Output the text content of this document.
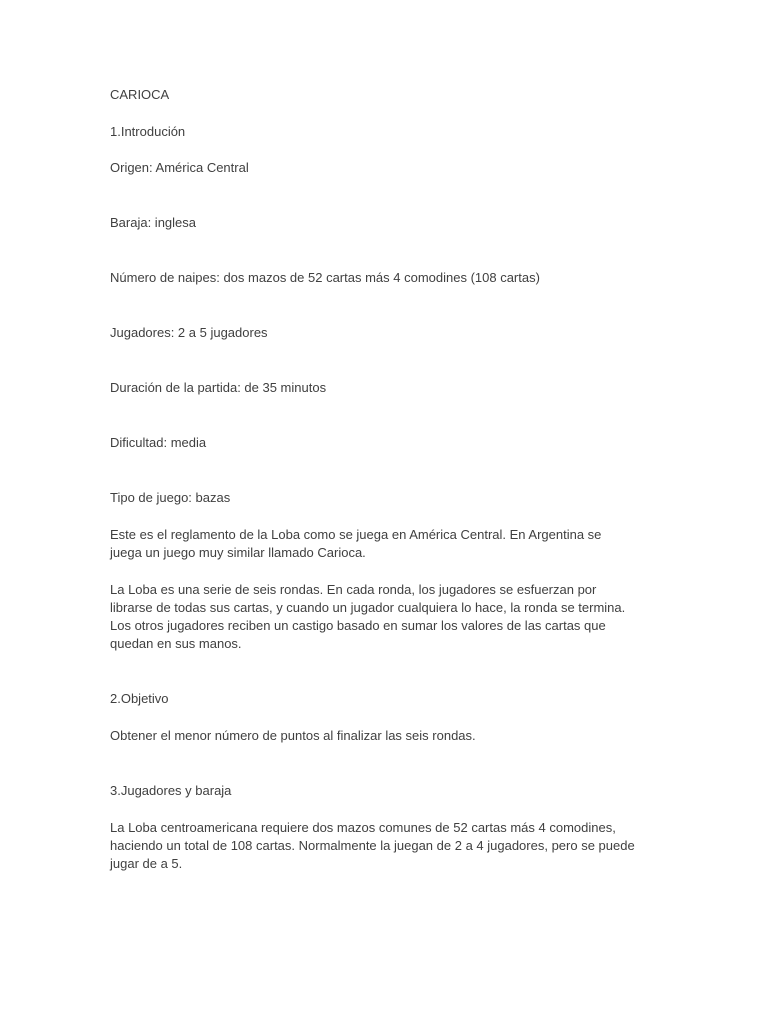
CARIOCA

1.Introdución

Origen: América Central

Baraja: inglesa

Número de naipes: dos mazos de 52 cartas más 4 comodines (108 cartas)

Jugadores: 2 a 5 jugadores

Duración de la partida: de 35 minutos

Dificultad: media

Tipo de juego: bazas

Este es el reglamento de la Loba como se juega en América Central. En Argentina se

juega un juego muy similar llamado Carioca.

La Loba es una serie de seis rondas. En cada ronda, los jugadores se esfuerzan por

librarse de todas sus cartas, y cuando un jugador cualquiera lo hace, la ronda se termina.

Los otros jugadores reciben un castigo basado en sumar los valores de las cartas que

quedan en sus manos.

2.Objetivo

Obtener el menor número de puntos al finalizar las seis rondas.

3.Jugadores y baraja

La Loba centroamericana requiere dos mazos comunes de 52 cartas más 4 comodines,

haciendo un total de 108 cartas. Normalmente la juegan de 2 a 4 jugadores, pero se puede

jugar de a 5.
